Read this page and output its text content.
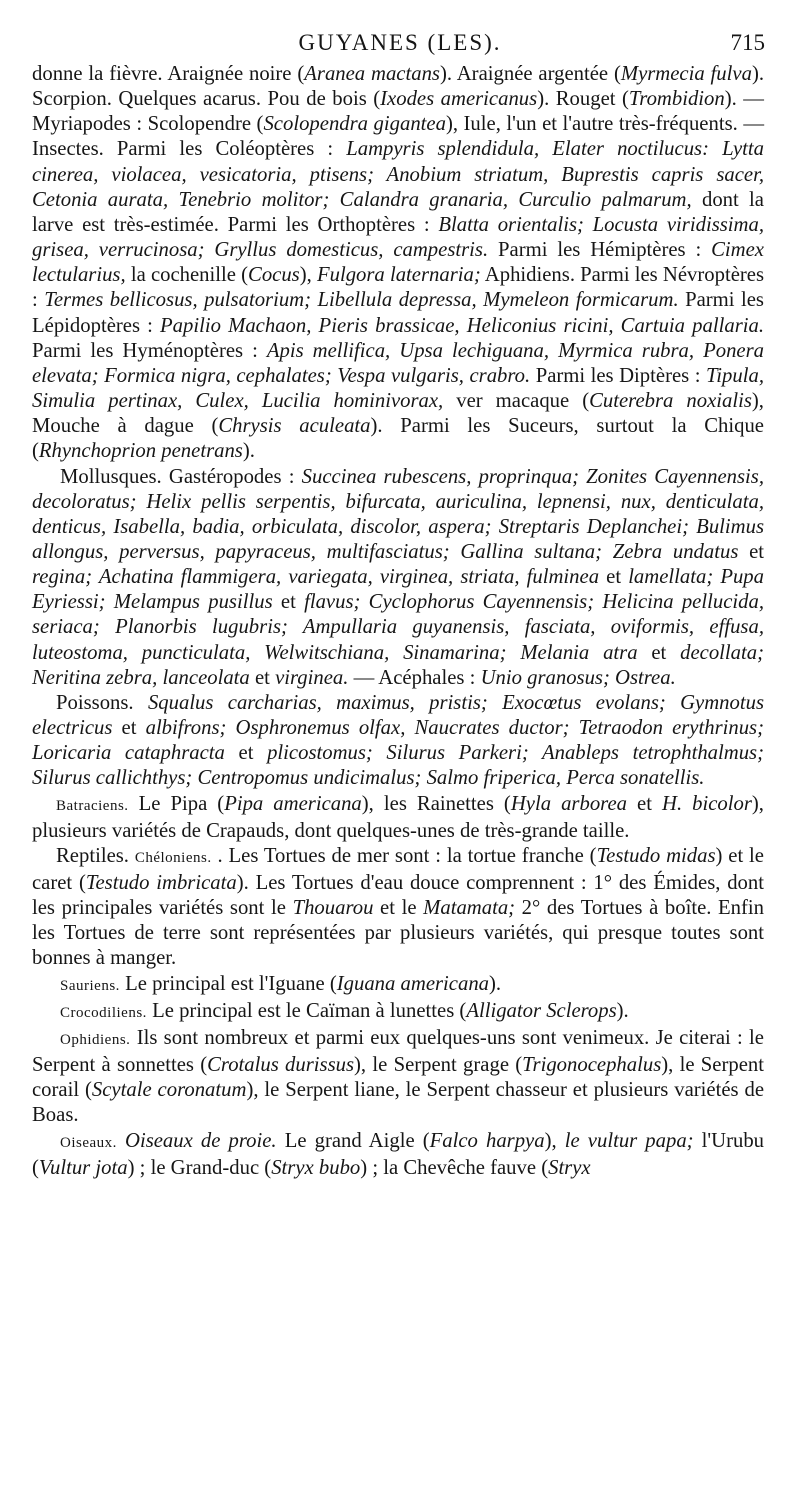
GUYANES (LES).	715

donne la fièvre. Araignée noire (Aranea mactans). Araignée argentée (Myrmecia fulva). Scorpion. Quelques acarus. Pou de bois (Ixodes americanus). Rouget (Trombidion). — Myriapodes : Scolopendre (Scolopendra gigantea), Iule, l'un et l'autre très-fréquents. — Insectes. Parmi les Coléoptères : Lampyris splendidula, Elater noctilucus: Lytta cinerea, violacea, vesicatoria, ptisens; Anobium striatum, Buprestis capris sacer, Cetonia aurata, Tenebrio molitor; Calandra granaria, Curculio palmarum, dont la larve est très-estimée. Parmi les Orthoptères : Blatta orientalis; Locusta viridissima, grisea, verrucinosa; Gryllus domesticus, campestris. Parmi les Hémiptères : Cimex lectularius, la cochenille (Cocus), Fulgora laternaria; Aphidiens. Parmi les Névroptères : Termes bellicosus, pulsatorium; Libellula depressa, Mymeleon formicarum. Parmi les Lépidoptères : Papilio Machaon, Pieris brassicae, Heliconius ricini, Cartuia pallaria. Parmi les Hyménoptères : Apis mellifica, Upsa lechiguana, Myrmica rubra, Ponera elevata; Formica nigra, cephalates; Vespa vulgaris, crabro. Parmi les Diptères : Tipula, Simulia pertinax, Culex, Lucilia hominivorax, ver macaque (Cuterebra noxialis), Mouche à dague (Chrysis aculeata). Parmi les Suceurs, surtout la Chique (Rhynchoprion penetrans).

Mollusques. Gastéropodes : Succinea rubescens, proprinqua; Zonites Cayennensis, decoloratus; Helix pellis serpentis, bifurcata, auriculina, lepnensi, nux, denticulata, denticus, Isabella, badia, orbiculata, discolor, aspera; Streptaris Deplanchei; Bulimus allongus, perversus, papyraceus, multifasciatus; Gallina sultana; Zebra undatus et regina; Achatina flammigera, variegata, virginea, striata, fulminea et lamellata; Pupa Eyriessi; Melampus pusillus et flavus; Cyclophorus Cayennensis; Helicina pellucida, seriaca; Planorbis lugubris; Ampullaria guyanensis, fasciata, oviformis, effusa, luteostoma, puncticulata, Welwitschiana, Sinamarina; Melania atra et decollata; Neritina zebra, lanceolata et virginea. — Acéphales : Unio granosus; Ostrea.

Poissons. Squalus carcharias, maximus, pristis; Exocœtus evolans; Gymnotus electricus et albifrons; Osphronemus olfax, Naucrates ductor; Tetraodon erythrinus; Loricaria cataphracta et plicostomus; Silurus Parkeri; Anableps tetrophthalmus; Silurus callichthys; Centropomus undicimalus; Salmo friperica, Perca sonatellis.

Batraciens. Le Pipa (Pipa americana), les Rainettes (Hyla arborea et H. bicolor), plusieurs variétés de Crapauds, dont quelques-unes de très-grande taille.

Reptiles. Chéloniens. . Les Tortues de mer sont : la tortue franche (Testudo midas) et le caret (Testudo imbricata). Les Tortues d'eau douce comprennent : 1° des Émides, dont les principales variétés sont le Thouarou et le Matamata; 2° des Tortues à boîte. Enfin les Tortues de terre sont représentées par plusieurs variétés, qui presque toutes sont bonnes à manger.

Sauriens. Le principal est l'Iguane (Iguana americana).

Crocodiliens. Le principal est le Caïman à lunettes (Alligator Sclerops).

Ophidiens. Ils sont nombreux et parmi eux quelques-uns sont venimeux. Je citerai : le Serpent à sonnettes (Crotalus durissus), le Serpent grage (Trigonocephalus), le Serpent corail (Scytale coronatum), le Serpent liane, le Serpent chasseur et plusieurs variétés de Boas.

Oiseaux. Oiseaux de proie. Le grand Aigle (Falco harpya), le vultur papa; l'Urubu (Vultur jota) ; le Grand-duc (Stryx bubo) ; la Chevêche fauve (Stryx
